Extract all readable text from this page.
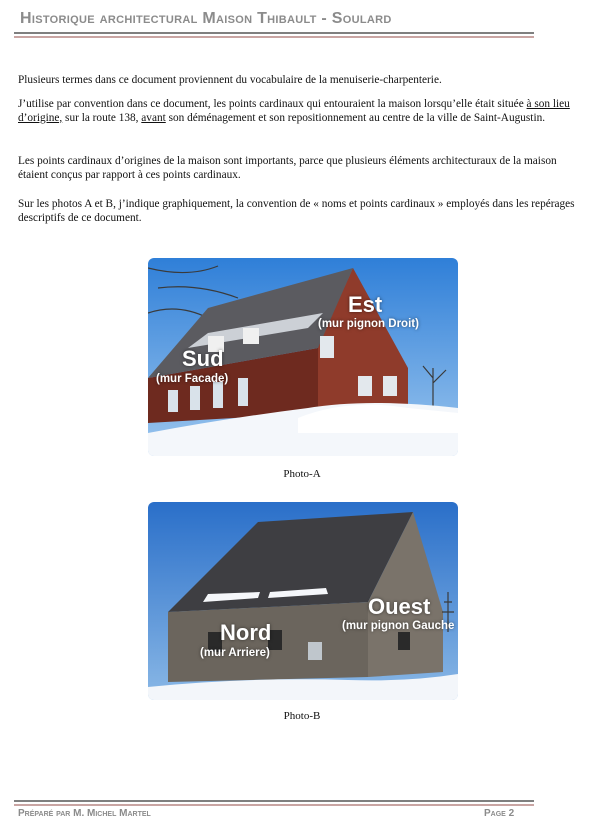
Historique architectural Maison Thibault - Soulard

Plusieurs termes dans ce document proviennent du vocabulaire de la menuiserie-charpenterie.

J’utilise par convention dans ce document, les points cardinaux qui entouraient la maison lorsqu’elle était située à son lieu d’origine, sur la route 138, avant son déménagement et son repositionnement au centre de la ville de Saint-Augustin.

Les points cardinaux d’origines de la maison sont importants, parce que plusieurs éléments architecturaux de la maison étaient conçus par rapport à ces points cardinaux.

Sur les photos A et B, j’indique graphiquement, la convention de « noms et points cardinaux » employés dans les repérages descriptifs de ce document.

Est
(mur pignon Droit)
Sud
(mur Facade)
Photo-A
Nord
(mur Arriere)
Ouest
(mur pignon Gauche
Photo-B
Préparé par M. Michel Martel	Page 2
